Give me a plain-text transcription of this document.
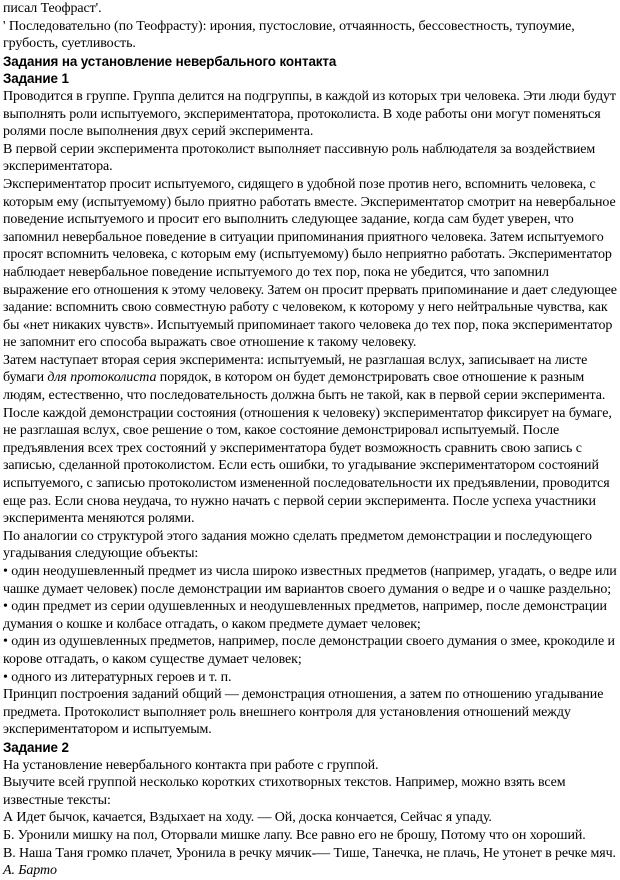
писал Теофраст'.

' Последовательно (по Теофрасту): ирония, пустословие, отчаянность, бессовестность, тупоумие, грубость, суетливость.

Задания на установление невербального контакта

Задание 1

Проводится в группе. Группа делится на подгруппы, в каждой из которых три человека. Эти люди будут выполнять роли испытуемого, экспериментатора, протоколиста. В ходе работы они могут поменяться ролями после выполнения двух серий эксперимента.

В первой серии эксперимента протоколист выполняет пассивную роль наблюдателя за воздействием экспериментатора.

Экспериментатор просит испытуемого, сидящего в удобной позе против него, вспомнить человека, с которым ему (испытуемому) было приятно работать вместе. Экспериментатор смотрит на невербальное поведение испытуемого и просит его выполнить следующее задание, когда сам будет уверен, что запомнил невербальное поведение в ситуации припоминания приятного человека. Затем испытуемого просят вспомнить человека, с которым ему (испытуемому) было неприятно работать. Экспериментатор наблюдает невербальное поведение испытуемого до тех пор, пока не убедится, что запомнил выражение его отношения к этому человеку. Затем он просит прервать припоминание и дает следующее задание: вспомнить свою совместную работу с человеком, к которому у него нейтральные чувства, как бы «нет никаких чувств». Испытуемый припоминает такого человека до тех пор, пока экспериментатор не запомнит его способа выражать свое отношение к такому человеку.

Затем наступает вторая серия эксперимента: испытуемый, не разглашая вслух, записывает на листе бумаги для протоколиста порядок, в котором он будет демонстрировать свое отношение к разным людям, естественно, что последовательность должна быть не такой, как в первой серии эксперимента. После каждой демонстрации состояния (отношения к человеку) экспериментатор фиксирует на бумаге, не разглашая вслух, свое решение о том, какое состояние демонстрировал испытуемый. После предъявления всех трех состояний у экспериментатора будет возможность сравнить свою запись с записью, сделанной протоколистом. Если есть ошибки, то угадывание экспериментатором состояний испытуемого, с записью протоколистом измененной последовательности их предъявлении, проводится еще раз. Если снова неудача, то нужно начать с первой серии эксперимента. После успеха участники эксперимента меняются ролями.

По аналогии со структурой этого задания можно сделать предметом демонстрации и последующего угадывания следующие объекты:

• один неодушевленный предмет из числа широко известных предметов (например, угадать, о ведре или чашке думает человек) после демонстрации им вариантов своего думания о ведре и о чашке раздельно;

• один предмет из серии одушевленных и неодушевленных предметов, например, после демонстрации думания о кошке и колбасе отгадать, о каком предмете думает человек;

• один из одушевленных предметов, например, после демонстрации своего думания о змее, крокодиле и корове отгадать, о каком существе думает человек;

• одного из литературных героев и т. п.

Принцип построения заданий общий — демонстрация отношения, а затем по отношению угадывание предмета. Протоколист выполняет роль внешнего контроля для установления отношений между экспериментатором и испытуемым.

Задание 2

На установление невербального контакта при работе с группой.

Выучите всей группой несколько коротких стихотворных текстов. Например, можно взять всем известные тексты:

А Идет бычок, качается, Вздыхает на ходу. — Ой, доска кончается, Сейчас я упаду.

Б. Уронили мишку на пол, Оторвали мишке лапу. Все равно его не брошу, Потому что он хороший.

В. Наша Таня громко плачет, Уронила в речку мячик-— Тише, Танечка, не плачь, Не утонет в речке мяч.

А. Барто
